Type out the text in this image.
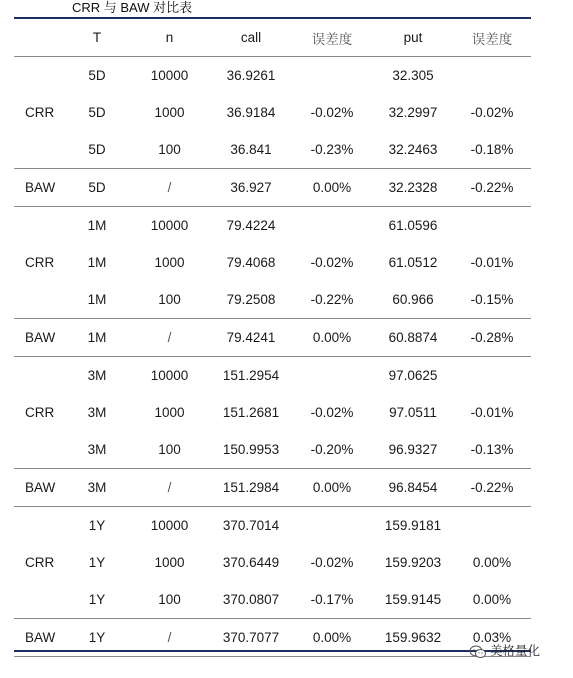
CRR 与 BAW 对比表
	T	n	call	误差度	put	误差度
CRR	5D	10000	36.9261		32.305	
	5D	1000	36.9184	-0.02%	32.2997	-0.02%
	5D	100	36.841	-0.23%	32.2463	-0.18%
BAW	5D	/	36.927	0.00%	32.2328	-0.22%
CRR	1M	10000	79.4224		61.0596	
	1M	1000	79.4068	-0.02%	61.0512	-0.01%
	1M	100	79.2508	-0.22%	60.966	-0.15%
BAW	1M	/	79.4241	0.00%	60.8874	-0.28%
CRR	3M	10000	151.2954		97.0625	
	3M	1000	151.2681	-0.02%	97.0511	-0.01%
	3M	100	150.9953	-0.20%	96.9327	-0.13%
BAW	3M	/	151.2984	0.00%	96.8454	-0.22%
CRR	1Y	10000	370.7014		159.9181	
	1Y	1000	370.6449	-0.02%	159.9203	0.00%
	1Y	100	370.0807	-0.17%	159.9145	0.00%
BAW	1Y	/	370.7077	0.00%	159.9632	0.03%
美格量化
